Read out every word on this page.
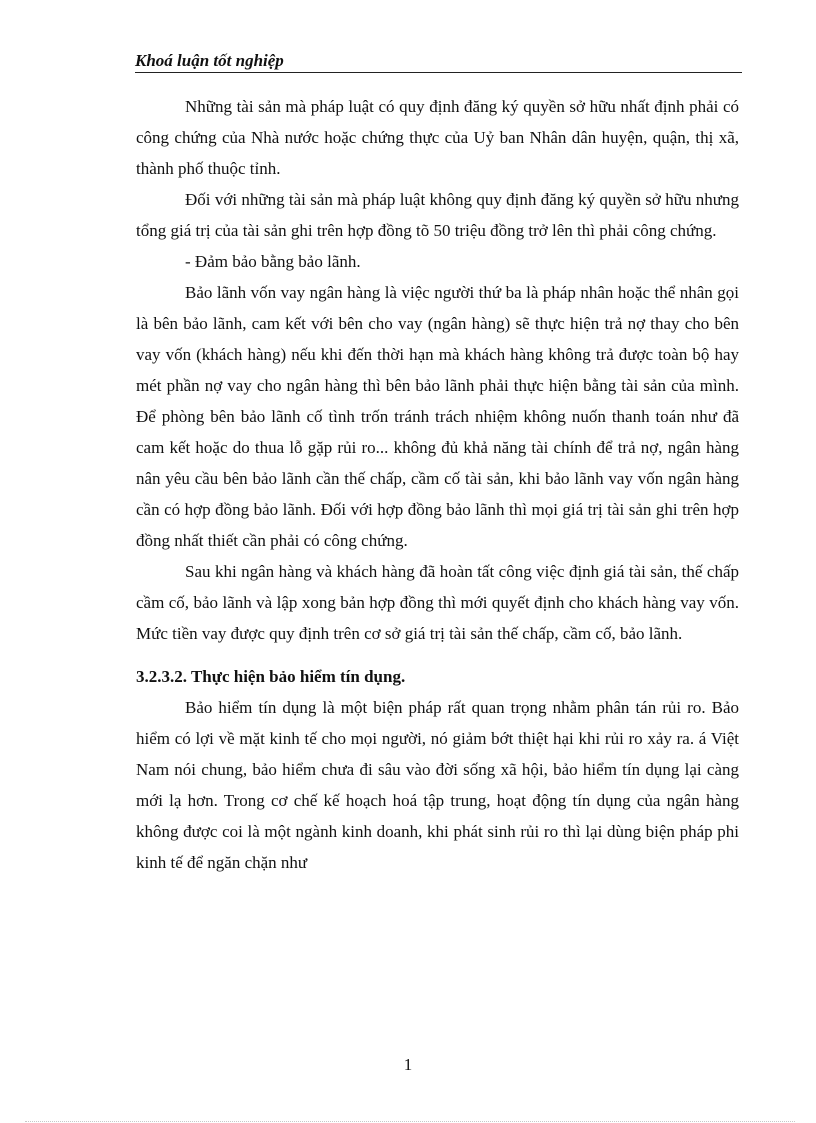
Khoá luận tốt nghiệp

Những tài sản mà pháp luật có quy định đăng ký quyền sở hữu nhất định phải có công chứng của Nhà nước hoặc chứng thực của Uỷ ban Nhân dân huyện, quận, thị xã, thành phố thuộc tỉnh.

Đối với những tài sản mà pháp luật không quy định đăng ký quyền sở hữu nhưng tổng giá trị của tài sản ghi trên hợp đồng tõ 50 triệu đồng trở lên thì phải công chứng.

- Đảm bảo bằng bảo lãnh.

Bảo lãnh vốn vay ngân hàng là việc người thứ ba là pháp nhân hoặc thể nhân gọi là bên bảo lãnh, cam kết với bên cho vay (ngân hàng) sẽ thực hiện trả nợ thay cho bên vay vốn (khách hàng) nếu khi đến thời hạn mà khách hàng không trả được toàn bộ hay mét phần nợ vay cho ngân hàng thì bên bảo lãnh phải thực hiện bằng tài sản của mình. Để phòng bên bảo lãnh cố tình trốn tránh trách nhiệm không nuốn thanh toán như đã cam kết hoặc do thua lỗ gặp rủi ro... không đủ khả năng tài chính để trả nợ, ngân hàng nân yêu cầu bên bảo lãnh cần thế chấp, cầm cố tài sản, khi bảo lãnh vay vốn ngân hàng cần có hợp đồng bảo lãnh. Đối với hợp đồng bảo lãnh thì mọi giá trị tài sản ghi trên hợp đồng nhất thiết cần phải có công chứng.

Sau khi ngân hàng và khách hàng đã hoàn tất công việc định giá tài sản, thế chấp cầm cố, bảo lãnh và lập xong bản hợp đồng thì mới quyết định cho khách hàng vay vốn. Mức tiền vay được quy định trên cơ sở giá trị tài sản thế chấp, cầm cố, bảo lãnh.

3.2.3.2. Thực hiện bảo hiểm tín dụng.

Bảo hiểm tín dụng là một biện pháp rất quan trọng nhằm phân tán rủi ro. Bảo hiểm có lợi về mặt kinh tế cho mọi người, nó giảm bớt thiệt hại khi rủi ro xảy ra. á Việt Nam nói chung, bảo hiểm chưa đi sâu vào đời sống xã hội, bảo hiểm tín dụng lại càng mới lạ hơn. Trong cơ chế kế hoạch hoá tập trung, hoạt động tín dụng của ngân hàng không được coi là một ngành kinh doanh, khi phát sinh rủi ro thì lại dùng biện pháp phi kinh tế để ngăn chặn như

1
